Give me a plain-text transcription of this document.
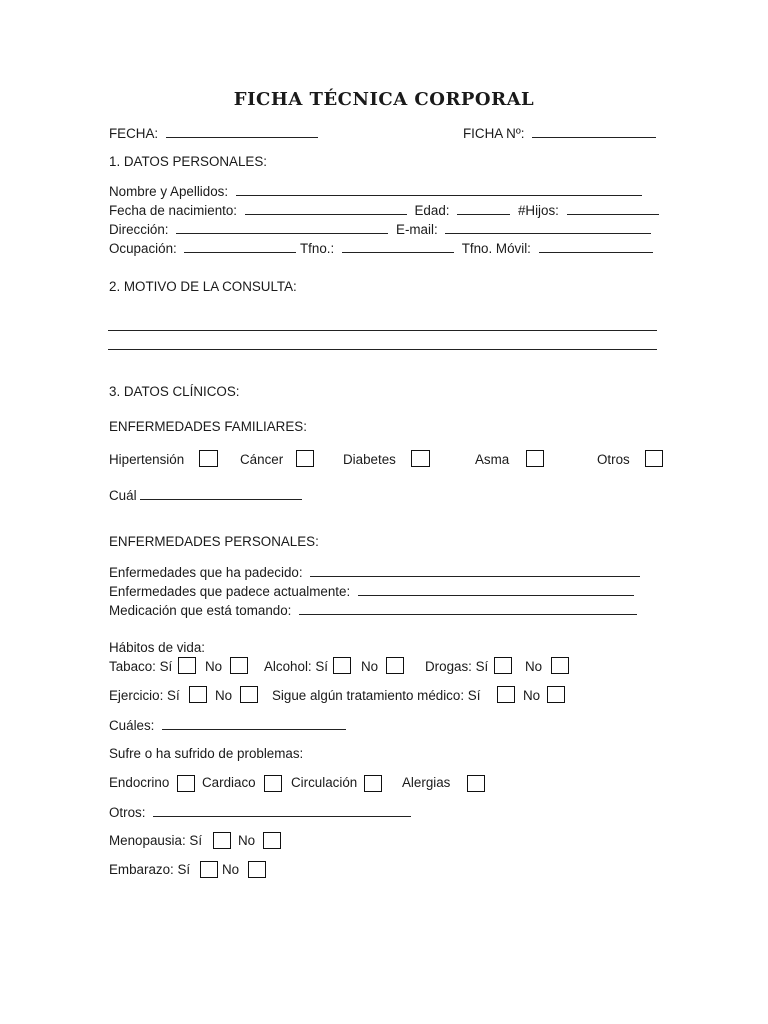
FICHA TÉCNICA CORPORAL
FECHA:	FICHA Nº:
1. DATOS PERSONALES:
Nombre y Apellidos:
Fecha de nacimiento:	Edad:	#Hijos:
Dirección:	E-mail:
Ocupación:	Tfno.:	Tfno. Móvil:
2. MOTIVO DE LA CONSULTA:
3. DATOS CLÍNICOS:
ENFERMEDADES FAMILIARES:
Hipertensión	Cáncer	Diabetes	Asma	Otros
Cuál
ENFERMEDADES PERSONALES:
Enfermedades que ha padecido:
Enfermedades que padece actualmente:
Medicación que está tomando:
Hábitos de vida:
Tabaco: Sí No	Alcohol: Sí No	Drogas: Sí	No
Ejercicio: Sí	No	Sigue algún tratamiento médico: Sí	No
Cuáles:
Sufre o ha sufrido de problemas:
Endocrino Cardiaco	Circulación	Alergias
Otros:
Menopausia: Sí	No
Embarazo: Sí No
